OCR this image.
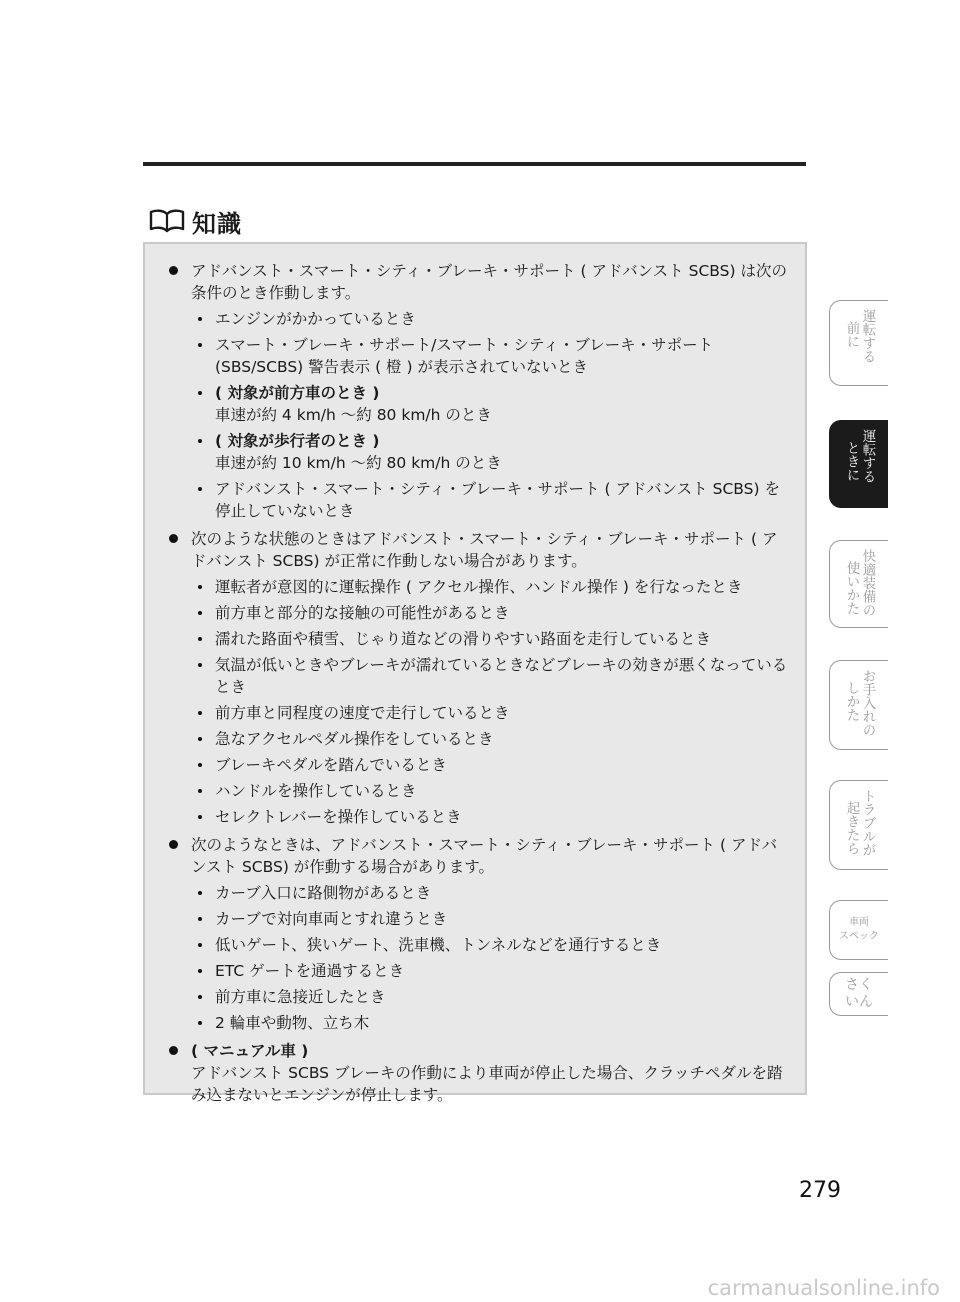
知識
アドバンスト・スマート・シティ・ブレーキ・サポート ( アドバンスト SCBS) は次の条件のとき作動します。
エンジンがかかっているとき
スマート・ブレーキ・サポート/スマート・シティ・ブレーキ・サポート (SBS/SCBS) 警告表示 ( 橙 ) が表示されていないとき
( 対象が前方車のとき )
車速が約 4 km/h 〜約 80 km/h のとき
( 対象が歩行者のとき )
車速が約 10 km/h 〜約 80 km/h のとき
アドバンスト・スマート・シティ・ブレーキ・サポート ( アドバンスト SCBS) を停止していないとき
次のような状態のときはアドバンスト・スマート・シティ・ブレーキ・サポート ( アドバンスト SCBS) が正常に作動しない場合があります。
運転者が意図的に運転操作 ( アクセル操作、ハンドル操作 ) を行なったとき
前方車と部分的な接触の可能性があるとき
濡れた路面や積雪、じゃり道などの滑りやすい路面を走行しているとき
気温が低いときやブレーキが濡れているときなどブレーキの効きが悪くなっているとき
前方車と同程度の速度で走行しているとき
急なアクセルペダル操作をしているとき
ブレーキペダルを踏んでいるとき
ハンドルを操作しているとき
セレクトレバーを操作しているとき
次のようなときは、アドバンスト・スマート・シティ・ブレーキ・サポート ( アドバンスト SCBS) が作動する場合があります。
カーブ入口に路側物があるとき
カーブで対向車両とすれ違うとき
低いゲート、狭いゲート、洗車機、トンネルなどを通行するとき
ETC ゲートを通過するとき
前方車に急接近したとき
2 輪車や動物、立ち木
( マニュアル車 )
アドバンスト SCBS ブレーキの作動により車両が停止した場合、クラッチペダルを踏み込まないとエンジンが停止します。
運転する
前に
運転する
ときに
快適装備の
使いかた
お手入れの
しかた
トラブルが
起きたら
車両
スペック
さく
いん
279
carmanualsonline.info
